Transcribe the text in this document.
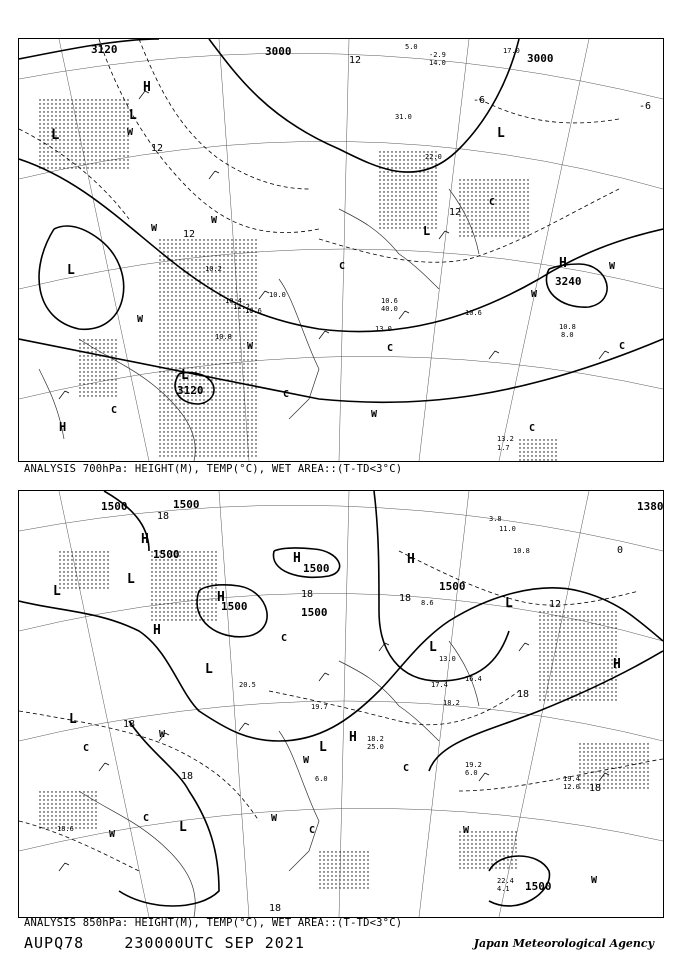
3120	3000
3000
3240
3120
H
L
L
L
L
H
H
L
L
W
W
C
C
C
W
W
C
W
C
W
C
C
W
W
12
12
12
12
-6
-6
10.4
10.6
10.8
10.2
10.0
12.2
10.6
10.6
13.0
40.0
10.8
8.0
13.2
1.7
-2.9
14.0
17.0
5.0
31.0
22.0
ANALYSIS 700hPa: HEIGHT(M), TEMP(°C), WET AREA::(T-TD<3°C)
1500	1500
1500
1500
1500
1500
1500
1380
1500
H
L
L	H
H
H
L
L
L
H
H
L
L
H
L
C
C
W
C	W
C
C
W
W
W
W
18
18
18
18
18
18
18
12
0
18
19.2
6.0
19.4
12.0
22.4
4.1
17.4
16.4
13.0
18.2
25.0
18.2
20.5
19.7
6.0
10.8
3.8
11.0
8.6
18.6
ANALYSIS 850hPa: HEIGHT(M), TEMP(°C), WET AREA::(T-TD<3°C)
AUPQ78	230000UTC SEP 2021	Japan Meteorological Agency
